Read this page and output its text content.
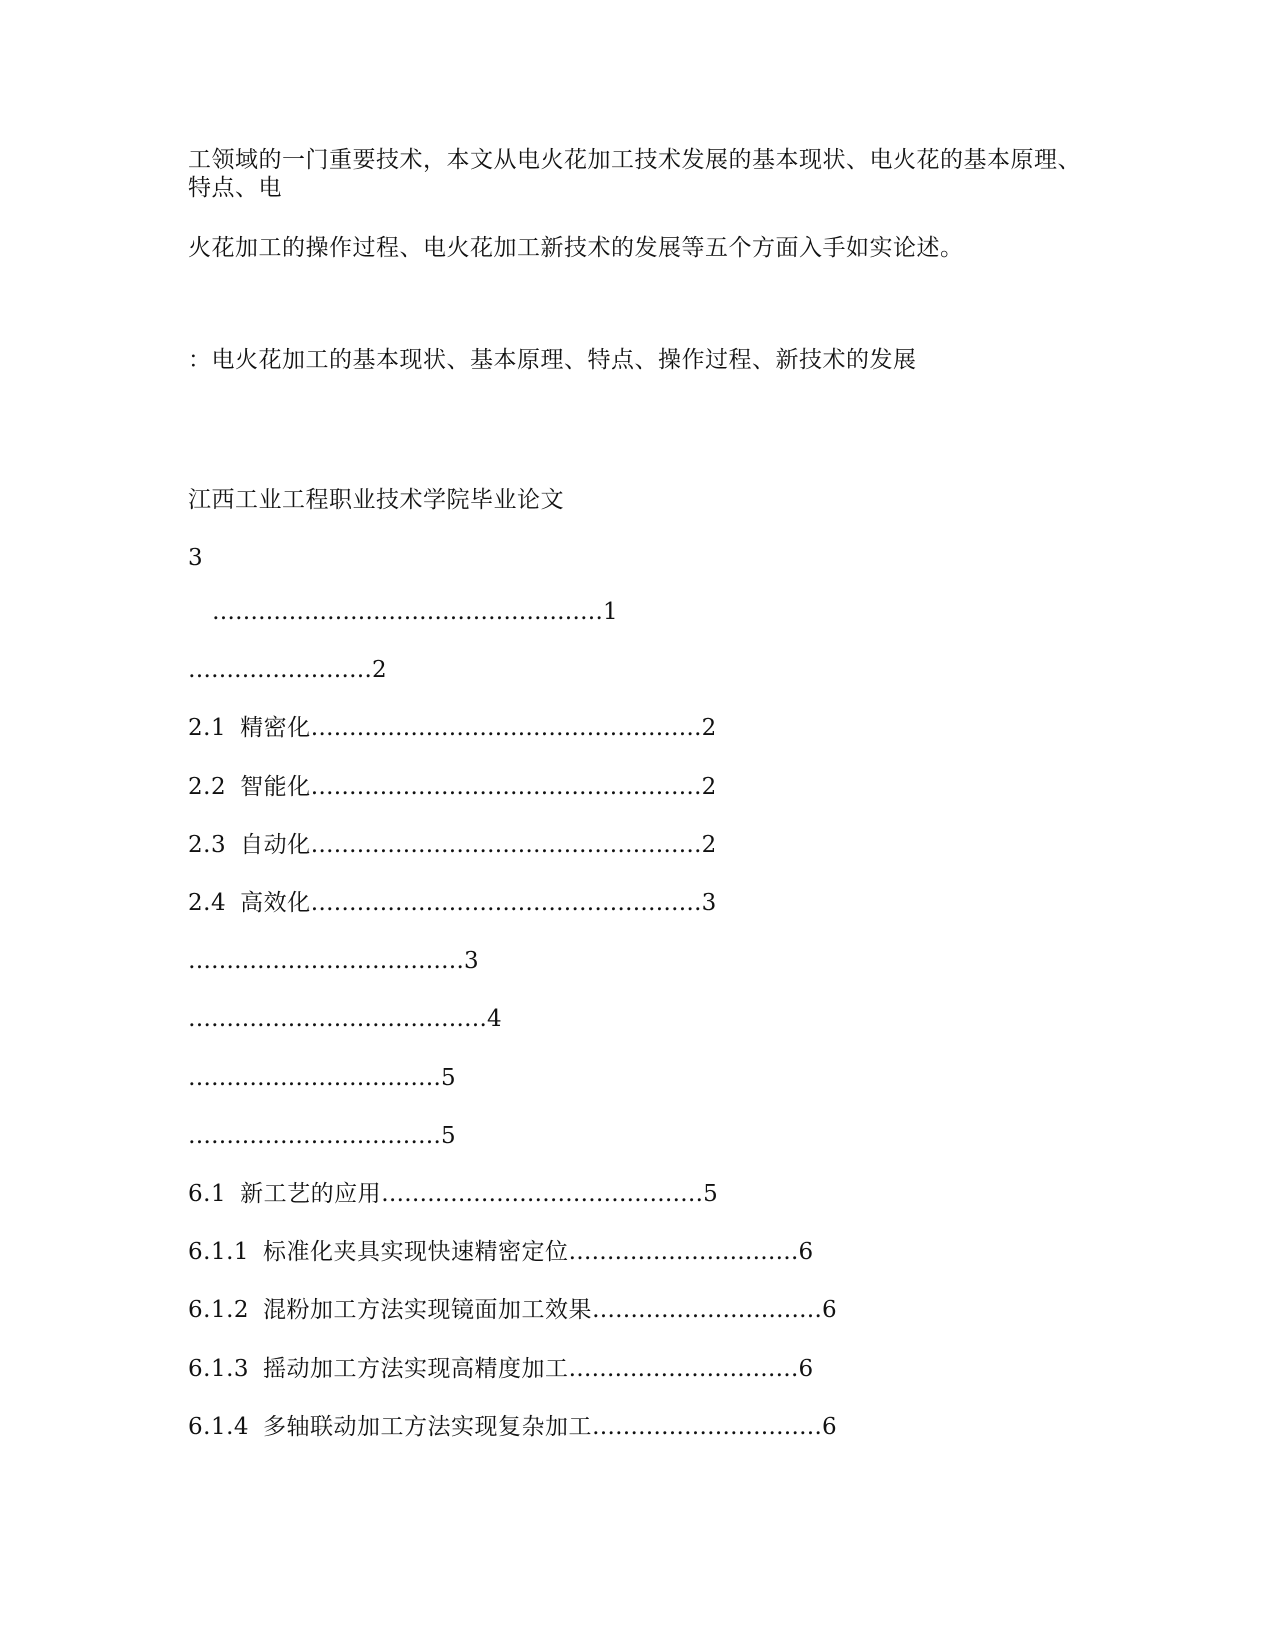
工领域的一门重要技术，本文从电火花加工技术发展的基本现状、电火花的基本原理、特点、电
火花加工的操作过程、电火花加工新技术的发展等五个方面入手如实论述。
：电火花加工的基本现状、基本原理、特点、操作过程、新技术的发展
江西工业工程职业技术学院毕业论文
3
……………………………………………1
……………………2
2.1 精密化……………………………………………2
2.2 智能化……………………………………………2
2.3 自动化……………………………………………2
2.4 高效化……………………………………………3
………………………………3
…………………………………4
……………………………5
……………………………5
6.1 新工艺的应用……………………………………5
6.1.1 标准化夹具实现快速精密定位…………………………6
6.1.2 混粉加工方法实现镜面加工效果…………………………6
6.1.3 摇动加工方法实现高精度加工…………………………6
6.1.4 多轴联动加工方法实现复杂加工…………………………6
